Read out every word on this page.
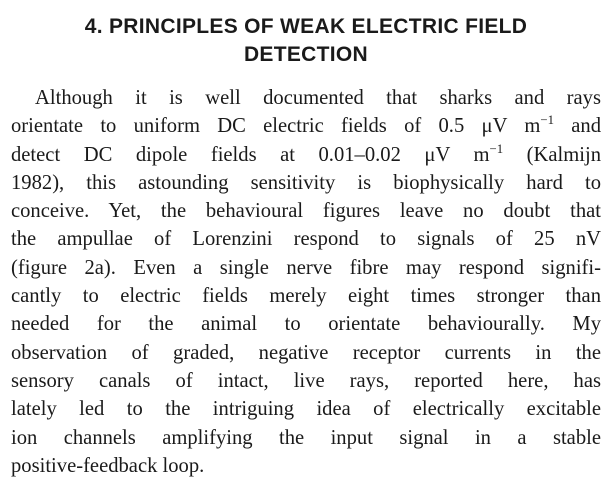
4. PRINCIPLES OF WEAK ELECTRIC FIELD
DETECTION
Although it is well documented that sharks and rays
orientate to uniform DC electric fields of 0.5 μV $m^{-1}$ and
detect DC dipole fields at 0.01–0.02 μV $m^{-1}$ (Kalmijn
1982), this astounding sensitivity is biophysically hard to
conceive. Yet, the behavioural figures leave no doubt that
the ampullae of Lorenzini respond to signals of 25 nV
(figure 2a). Even a single nerve fibre may respond signifi-
cantly to electric fields merely eight times stronger than
needed for the animal to orientate behaviourally. My
observation of graded, negative receptor currents in the
sensory canals of intact, live rays, reported here, has
lately led to the intriguing idea of electrically excitable
ion channels amplifying the input signal in a stable
positive-feedback loop.
